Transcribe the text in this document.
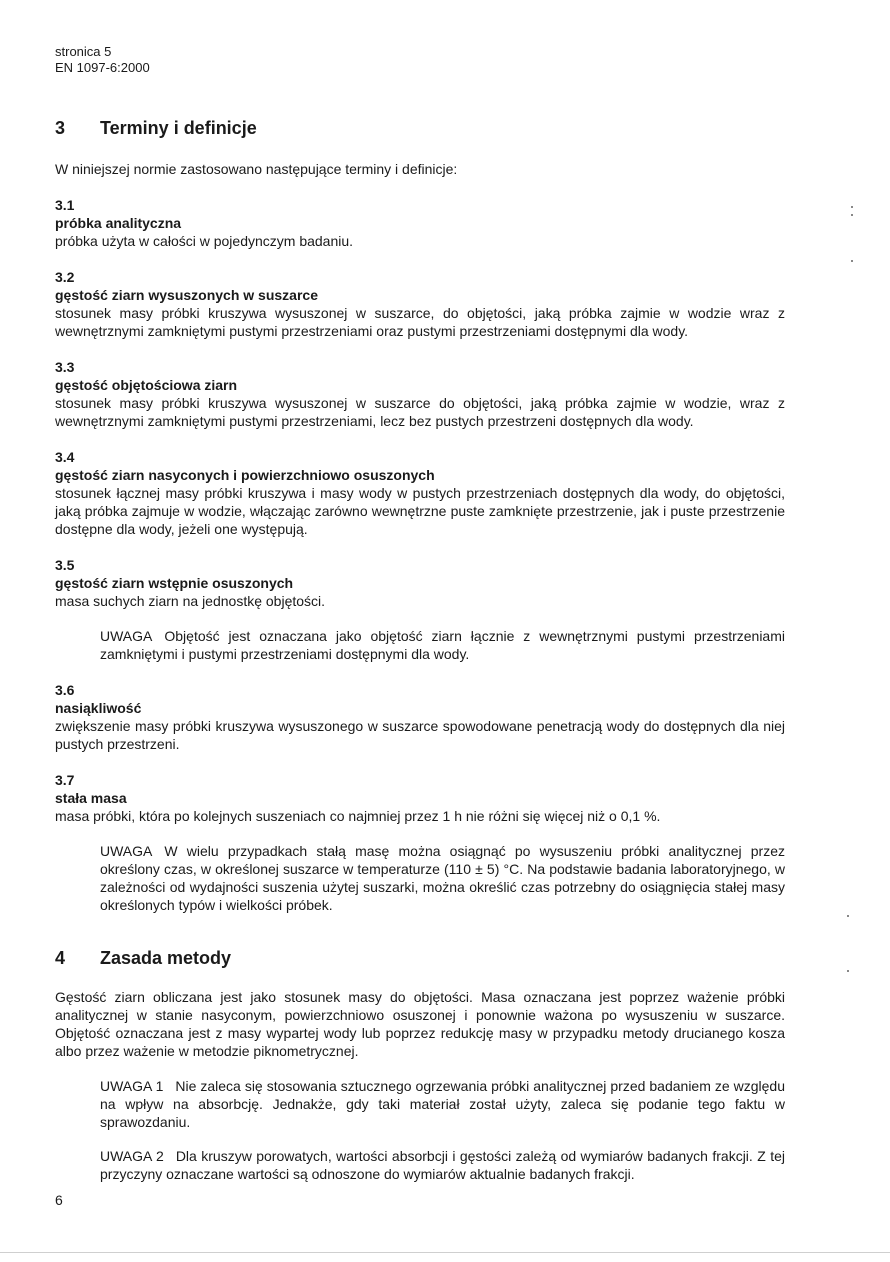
stronica 5
EN 1097-6:2000
3	Terminy i definicje
W niniejszej normie zastosowano następujące terminy i definicje:
3.1
próbka analityczna
próbka użyta w całości w pojedynczym badaniu.
3.2
gęstość ziarn wysuszonych w suszarce
stosunek masy próbki kruszywa wysuszonej w suszarce, do objętości, jaką próbka zajmie w wodzie wraz z wewnętrznymi zamkniętymi pustymi przestrzeniami oraz pustymi przestrzeniami dostępnymi dla wody.
3.3
gęstość objętościowa ziarn
stosunek masy próbki kruszywa wysuszonej w suszarce do objętości, jaką próbka zajmie w wodzie, wraz z wewnętrznymi zamkniętymi pustymi przestrzeniami, lecz bez pustych przestrzeni dostępnych dla wody.
3.4
gęstość ziarn nasyconych i powierzchniowo osuszonych
stosunek łącznej masy próbki kruszywa i masy wody w pustych przestrzeniach dostępnych dla wody, do objętości, jaką próbka zajmuje w wodzie, włączając zarówno wewnętrzne puste zamknięte przestrzenie, jak i puste przestrzenie dostępne dla wody, jeżeli one występują.
3.5
gęstość ziarn wstępnie osuszonych
masa suchych ziarn na jednostkę objętości.
UWAGA Objętość jest oznaczana jako objętość ziarn łącznie z wewnętrznymi pustymi przestrzeniami zamkniętymi i pustymi przestrzeniami dostępnymi dla wody.
3.6
nasiąkliwość
zwiększenie masy próbki kruszywa wysuszonego w suszarce spowodowane penetracją wody do dostępnych dla niej pustych przestrzeni.
3.7
stała masa
masa próbki, która po kolejnych suszeniach co najmniej przez 1 h nie różni się więcej niż o 0,1 %.
UWAGA W wielu przypadkach stałą masę można osiągnąć po wysuszeniu próbki analitycznej przez określony czas, w określonej suszarce w temperaturze (110 ± 5) °C. Na podstawie badania laboratoryjnego, w zależności od wydajności suszenia użytej suszarki, można określić czas potrzebny do osiągnięcia stałej masy określonych typów i wielkości próbek.
4	Zasada metody
Gęstość ziarn obliczana jest jako stosunek masy do objętości. Masa oznaczana jest poprzez ważenie próbki analitycznej w stanie nasyconym, powierzchniowo osuszonej i ponownie ważona po wysuszeniu w suszarce. Objętość oznaczana jest z masy wypartej wody lub poprzez redukcję masy w przypadku metody drucianego kosza albo przez ważenie w metodzie piknometrycznej.
UWAGA 1 Nie zaleca się stosowania sztucznego ogrzewania próbki analitycznej przed badaniem ze względu na wpływ na absorbcję. Jednakże, gdy taki materiał został użyty, zaleca się podanie tego faktu w sprawozdaniu.
UWAGA 2 Dla kruszyw porowatych, wartości absorbcji i gęstości zależą od wymiarów badanych frakcji. Z tej przyczyny oznaczane wartości są odnoszone do wymiarów aktualnie badanych frakcji.
6
